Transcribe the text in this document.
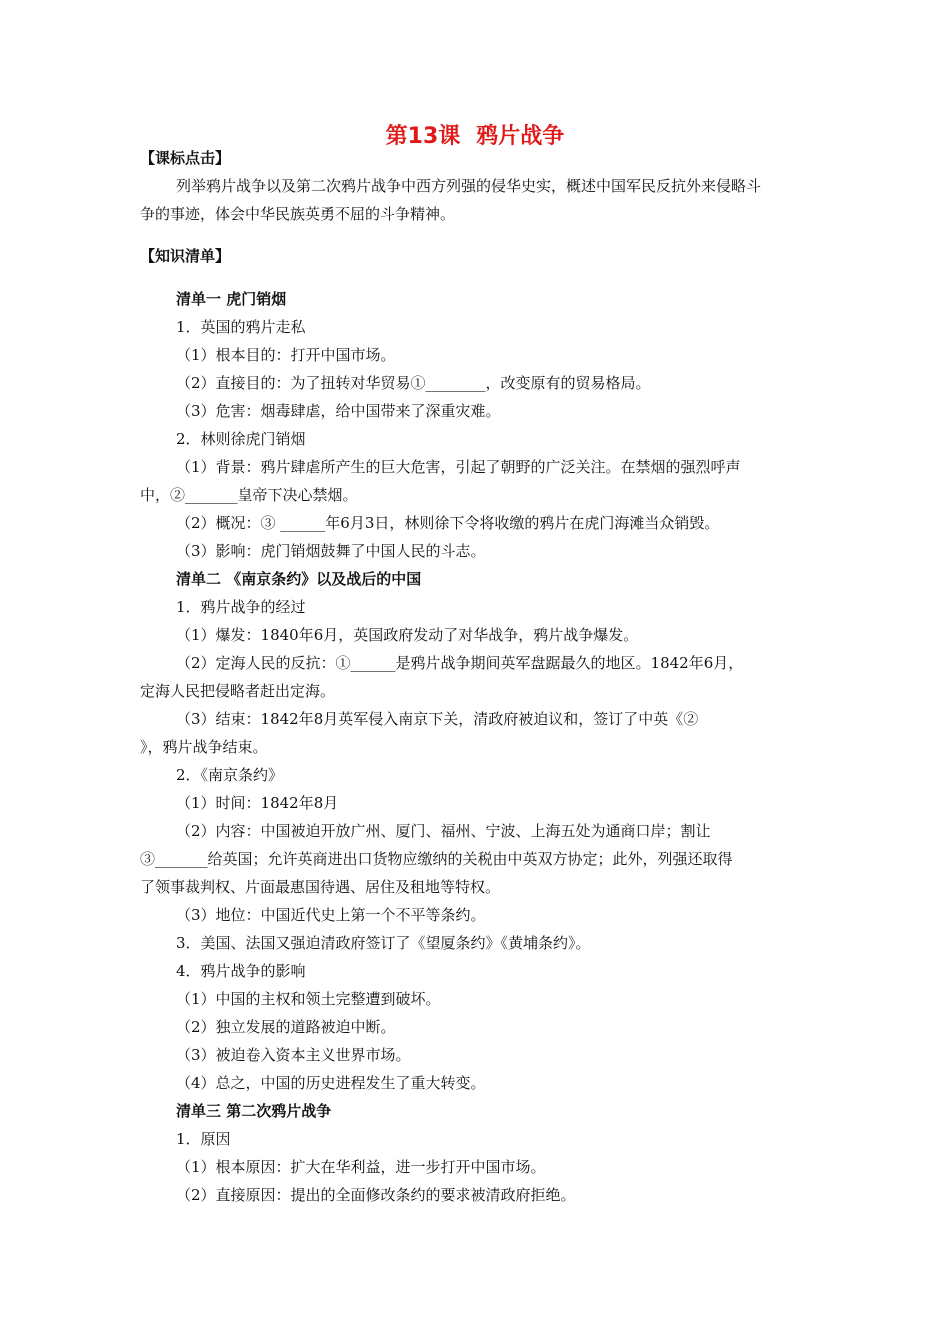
第13课 鸦片战争
【课标点击】
列举鸦片战争以及第二次鸦片战争中西方列强的侵华史实，概述中国军民反抗外来侵略斗
争的事迹，体会中华民族英勇不屈的斗争精神。
【知识清单】
清单一 虎门销烟
1．英国的鸦片走私
（1）根本目的：打开中国市场。
（2）直接目的：为了扭转对华贸易①________，改变原有的贸易格局。
（3）危害：烟毒肆虐，给中国带来了深重灾难。
2．林则徐虎门销烟
（1）背景：鸦片肆虐所产生的巨大危害，引起了朝野的广泛关注。在禁烟的强烈呼声
中，②_______皇帝下决心禁烟。
（2）概况：③ ______年6月3日，林则徐下令将收缴的鸦片在虎门海滩当众销毁。
（3）影响：虎门销烟鼓舞了中国人民的斗志。
清单二 《南京条约》以及战后的中国
1．鸦片战争的经过
（1）爆发：1840年6月，英国政府发动了对华战争，鸦片战争爆发。
（2）定海人民的反抗：①______是鸦片战争期间英军盘踞最久的地区。1842年6月，
定海人民把侵略者赶出定海。
（3）结束：1842年8月英军侵入南京下关，清政府被迫议和，签订了中英《②
》，鸦片战争结束。
2．《南京条约》
（1）时间：1842年8月
（2）内容：中国被迫开放广州、厦门、福州、宁波、上海五处为通商口岸；割让
③_______给英国；允许英商进出口货物应缴纳的关税由中英双方协定；此外，列强还取得
了领事裁判权、片面最惠国待遇、居住及租地等特权。
（3）地位：中国近代史上第一个不平等条约。
3．美国、法国又强迫清政府签订了《望厦条约》《黄埔条约》。
4．鸦片战争的影响
（1）中国的主权和领土完整遭到破坏。
（2）独立发展的道路被迫中断。
（3）被迫卷入资本主义世界市场。
（4）总之，中国的历史进程发生了重大转变。
清单三 第二次鸦片战争
1．原因
（1）根本原因：扩大在华利益，进一步打开中国市场。
（2）直接原因：提出的全面修改条约的要求被清政府拒绝。
